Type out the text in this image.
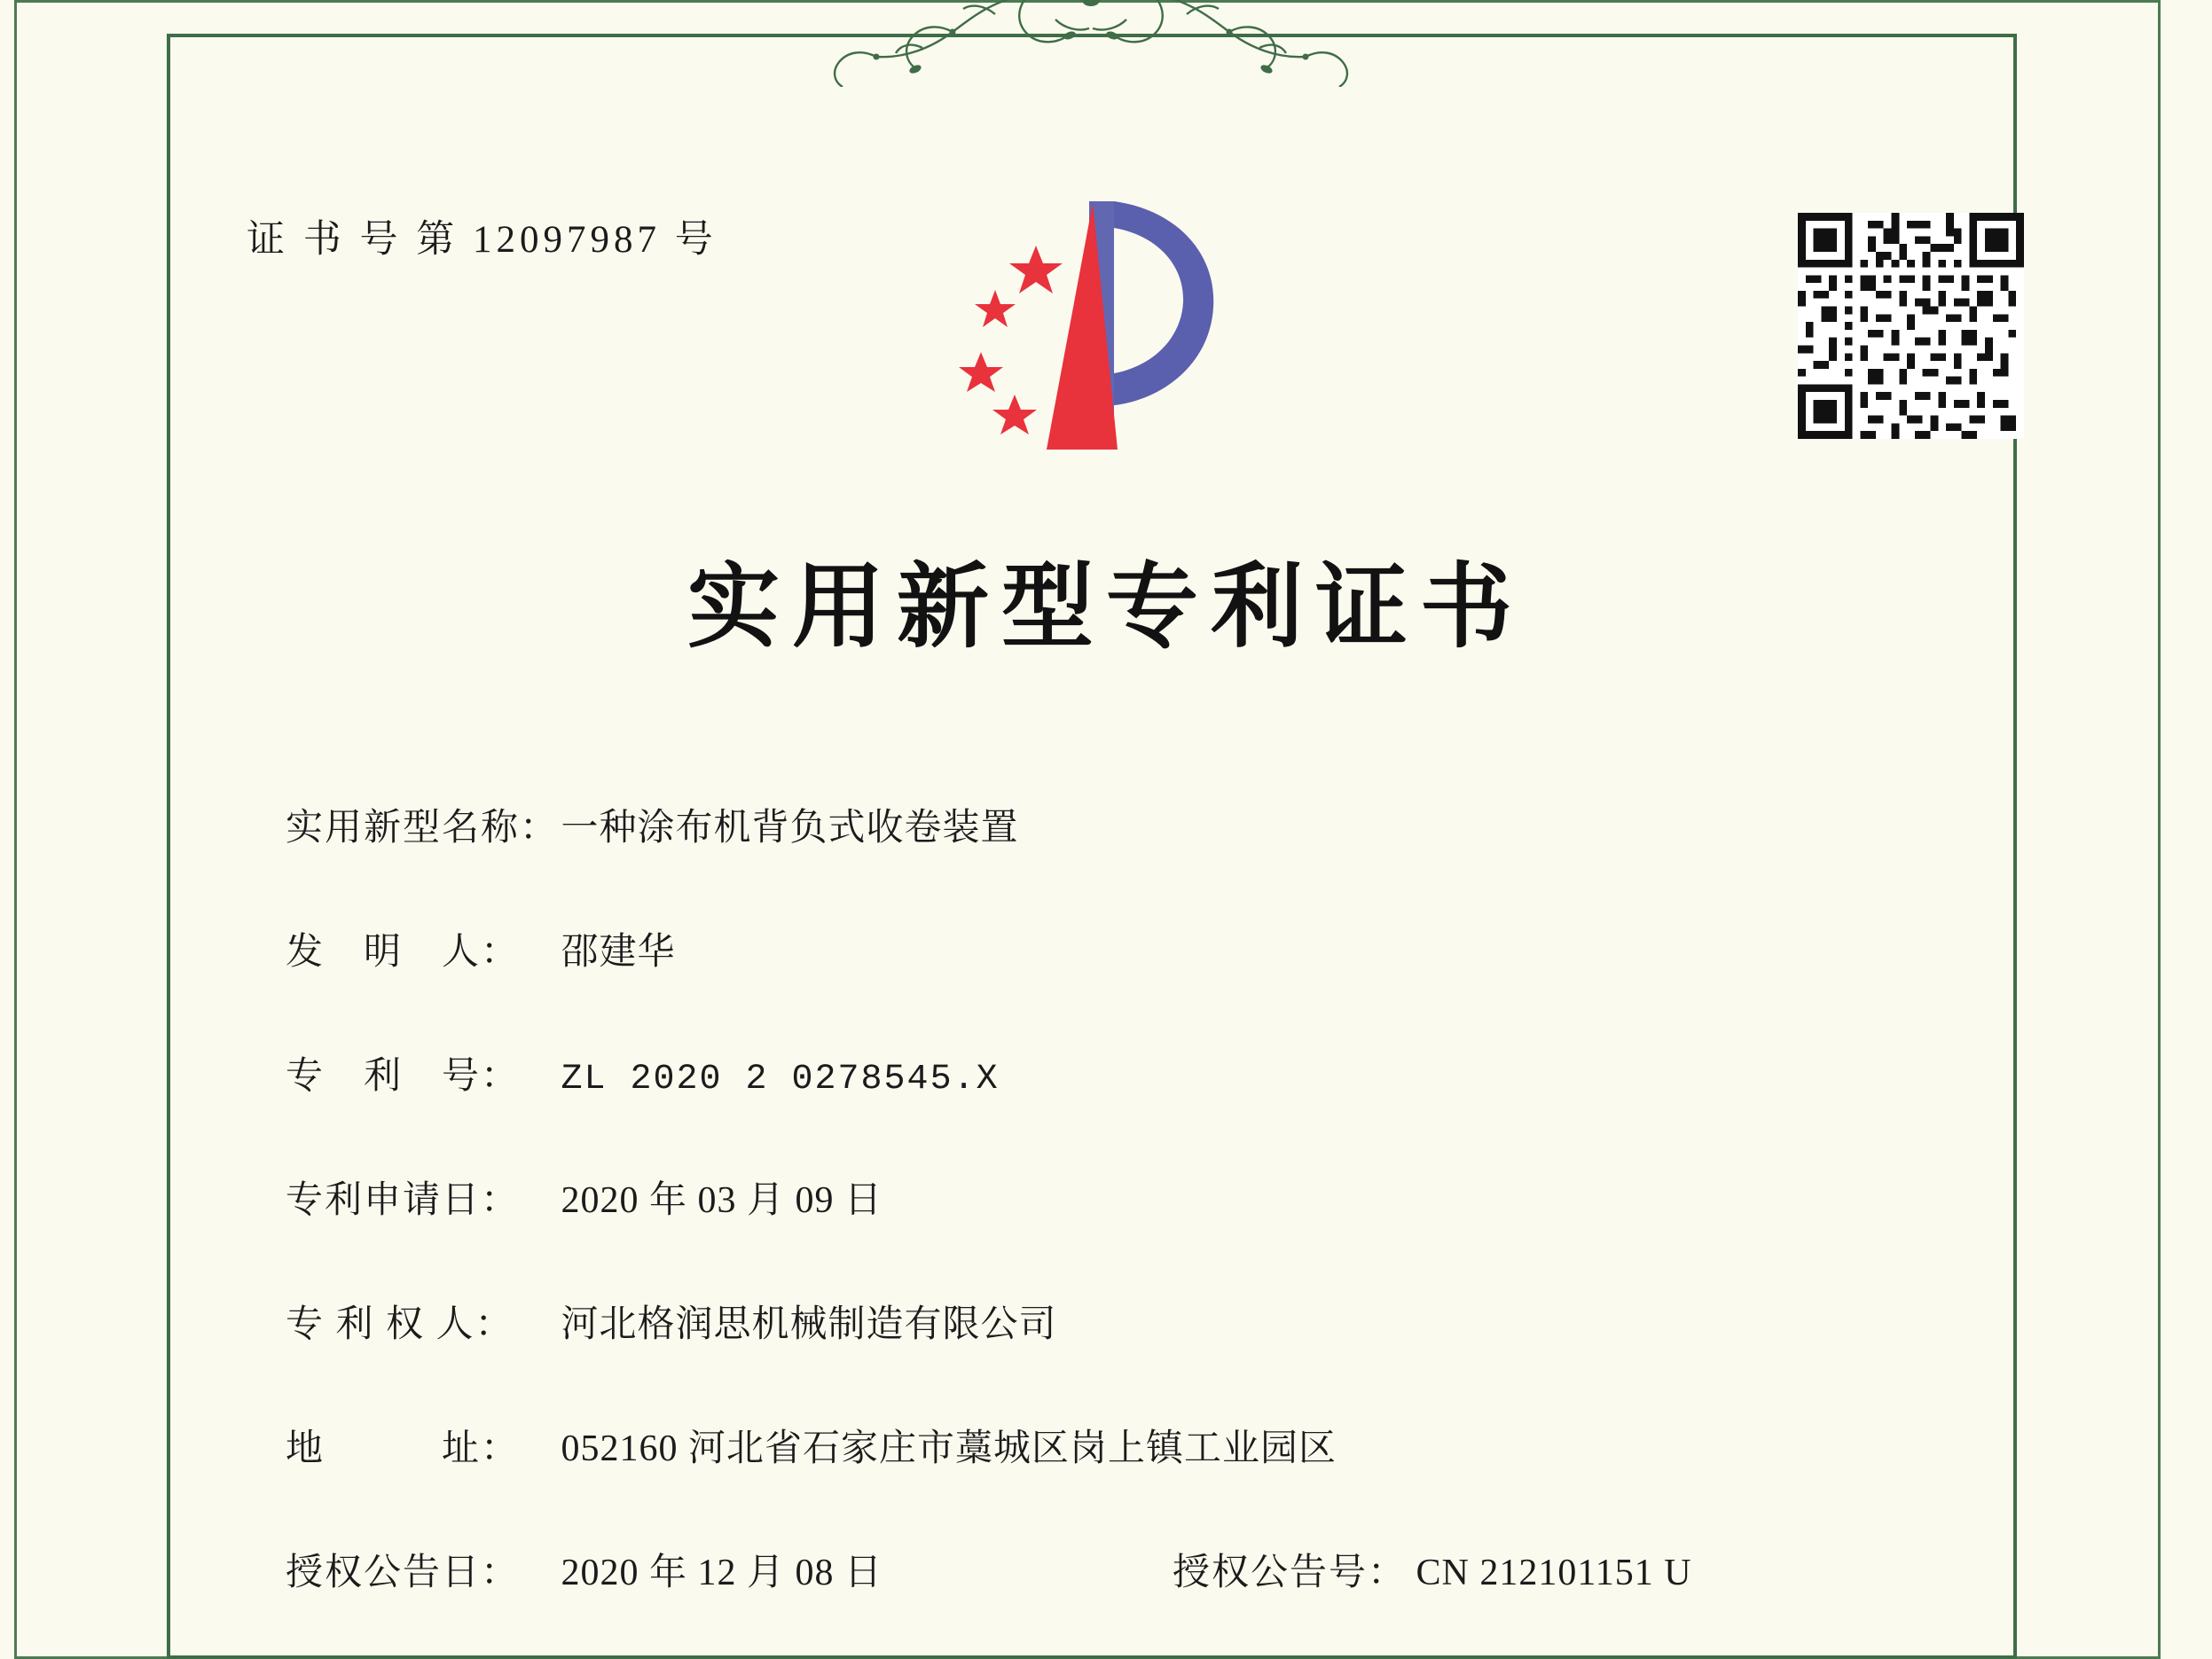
证 书 号 第 12097987 号
实用新型专利证书
实用新型名称： 一种涂布机背负式收卷装置
发　明　人： 邵建华
专　利　号： ZL 2020 2 0278545.X
专利申请日： 2020 年 03 月 09 日
专 利 权 人： 河北格润思机械制造有限公司
地　　　址： 052160 河北省石家庄市藁城区岗上镇工业园区
授权公告日： 2020 年 12 月 08 日	授权公告号： CN 212101151 U
